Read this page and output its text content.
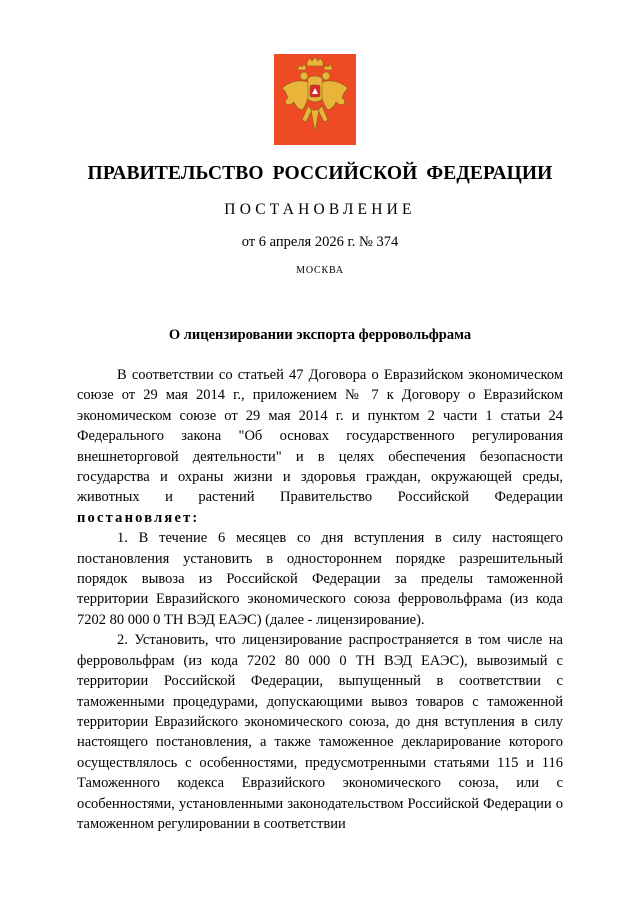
ПРАВИТЕЛЬСТВО РОССИЙСКОЙ ФЕДЕРАЦИИ
ПОСТАНОВЛЕНИЕ
от 6 апреля 2026 г. № 374
МОСКВА
О лицензировании экспорта ферровольфрама

В соответствии со статьей 47 Договора о Евразийском экономическом союзе от 29 мая 2014 г., приложением № 7 к Договору о Евразийском экономическом союзе от 29 мая 2014 г. и пунктом 2 части 1 статьи 24 Федерального закона "Об основах государственного регулирования внешнеторговой деятельности" и в целях обеспечения безопасности государства и охраны жизни и здоровья граждан, окружающей среды, животных и растений Правительство Российской Федерации постановляет:

1. В течение 6 месяцев со дня вступления в силу настоящего постановления установить в одностороннем порядке разрешительный порядок вывоза из Российской Федерации за пределы таможенной территории Евразийского экономического союза ферровольфрама (из кода 7202 80 000 0 ТН ВЭД ЕАЭС) (далее - лицензирование).

2. Установить, что лицензирование распространяется в том числе на ферровольфрам (из кода 7202 80 000 0 ТН ВЭД ЕАЭС), вывозимый с территории Российской Федерации, выпущенный в соответствии с таможенными процедурами, допускающими вывоз товаров с таможенной территории Евразийского экономического союза, до дня вступления в силу настоящего постановления, а также таможенное декларирование которого осуществлялось с особенностями, предусмотренными статьями 115 и 116 Таможенного кодекса Евразийского экономического союза, или с особенностями, установленными законодательством Российской Федерации о таможенном регулировании в соответствии
